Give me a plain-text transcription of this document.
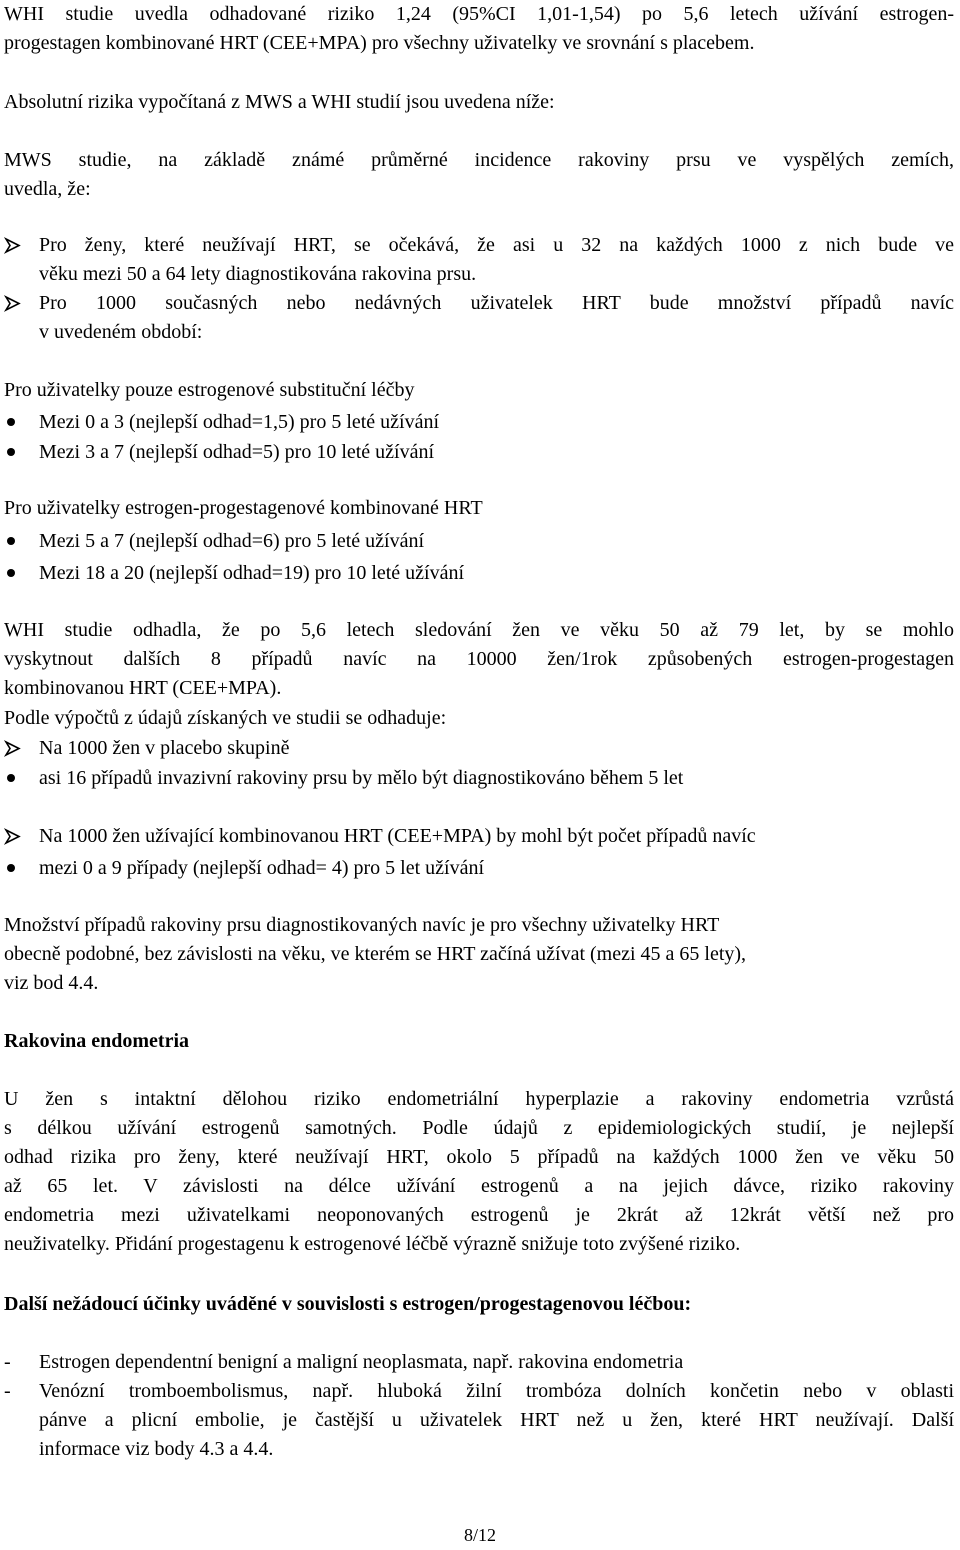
WHI studie uvedla odhadované riziko 1,24 (95%CI 1,01-1,54) po 5,6 letech užívání estrogen-
progestagen kombinované HRT (CEE+MPA) pro všechny uživatelky ve srovnání s placebem.
Absolutní rizika vypočítaná z MWS a WHI studií jsou uvedena níže:
MWS studie, na základě známé průměrné incidence rakoviny prsu ve vyspělých zemích,
uvedla, že:
Pro ženy, které neužívají HRT, se očekává, že asi u 32 na každých 1000 z nich bude ve
věku mezi 50 a 64 lety diagnostikována rakovina prsu.
Pro 1000 současných nebo nedávných uživatelek HRT bude množství případů navíc
v uvedeném období:
Pro uživatelky pouze estrogenové substituční léčby
Mezi 0 a 3 (nejlepší odhad=1,5) pro 5 leté užívání
Mezi 3 a 7 (nejlepší odhad=5) pro 10 leté užívání
Pro uživatelky estrogen-progestagenové kombinované HRT
Mezi 5 a 7 (nejlepší odhad=6) pro 5 leté užívání
Mezi 18 a 20 (nejlepší odhad=19) pro 10 leté užívání
WHI studie odhadla, že po 5,6 letech sledování žen ve věku 50 až 79 let, by se mohlo
vyskytnout dalších 8 případů navíc na 10000 žen/1rok způsobených estrogen-progestagen
kombinovanou HRT (CEE+MPA).
Podle výpočtů z údajů získaných ve studii se odhaduje:
Na 1000 žen v placebo skupině
asi 16 případů invazivní rakoviny prsu by mělo být diagnostikováno během 5 let
Na 1000 žen užívající kombinovanou HRT (CEE+MPA) by mohl být počet případů navíc
mezi 0 a 9 případy (nejlepší odhad= 4) pro 5 let užívání
Množství případů rakoviny prsu diagnostikovaných navíc je pro všechny uživatelky HRT
obecně podobné, bez závislosti na věku, ve kterém se HRT začíná užívat (mezi 45 a 65 lety),
viz bod 4.4.
Rakovina endometria
U žen s intaktní dělohou riziko endometriální hyperplazie a rakoviny endometria vzrůstá
s délkou užívání estrogenů samotných. Podle údajů z epidemiologických studií, je nejlepší
odhad rizika pro ženy, které neužívají HRT, okolo 5 případů na každých 1000 žen ve věku 50
až 65 let. V závislosti na délce užívání estrogenů a na jejich dávce, riziko rakoviny
endometria mezi uživatelkami neoponovaných estrogenů je 2krát až 12krát větší než pro
neuživatelky. Přidání progestagenu k estrogenové léčbě výrazně snižuje toto zvýšené riziko.
Další nežádoucí účinky uváděné v souvislosti s estrogen/progestagenovou léčbou:
-	Estrogen dependentní benigní a maligní neoplasmata, např. rakovina endometria
-	Venózní tromboembolismus, např. hluboká žilní trombóza dolních končetin nebo v oblasti
pánve a plicní embolie, je častější u uživatelek HRT než u žen, které HRT neužívají. Další
informace viz body 4.3 a 4.4.
8/12
